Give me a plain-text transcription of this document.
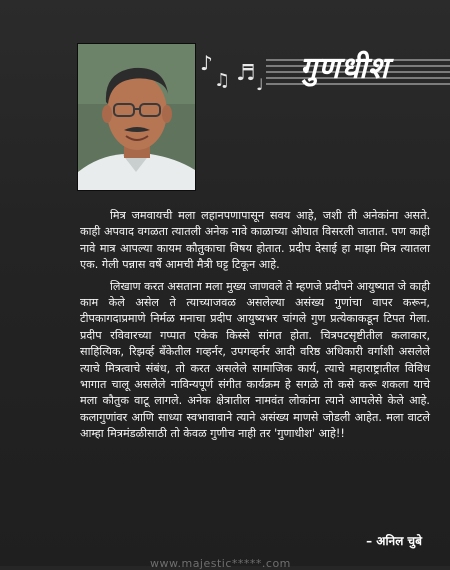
♪
♫ ♬ ♩ गुणधीश

मित्र जमवायची मला लहानपणापासून सवय आहे, जशी ती अनेकांना असते. काही अपवाद वगळता त्यातली अनेक नावे काळाच्या ओघात विसरली जातात. पण काही नावे मात्र आपल्या कायम कौतुकाचा विषय होतात. प्रदीप देसाई हा माझा मित्र त्यातला एक. गेली पन्नास वर्षे आमची मैत्री घट्ट टिकून आहे.

लिखाण करत असताना मला मुख्य जाणवले ते म्हणजे प्रदीपने आयुष्यात जे काही काम केले असेल ते त्याच्याजवळ असलेल्या असंख्य गुणांचा वापर करून, टीपकागदाप्रमाणे निर्मळ मनाचा प्रदीप आयुष्यभर चांगले गुण प्रत्येकाकडून टिपत गेला. प्रदीप रविवारच्या गप्पात एकेक किस्से सांगत होता. चित्रपटसृष्टीतील कलाकार, साहित्यिक, रिझर्व्ह बँकेतील गव्हर्नर, उपगव्हर्नर आदी वरिष्ठ अधिकारी वर्गाशी असलेले त्याचे मित्रत्वाचे संबंध, तो करत असलेले सामाजिक कार्य, त्याचे महाराष्ट्रातील विविध भागात चालू असलेले नाविन्यपूर्ण संगीत कार्यक्रम हे सगळे तो कसे करू शकला याचे मला कौतुक वाटू लागले. अनेक क्षेत्रातील नामवंत लोकांना त्याने आपलेसे केले आहे. कलागुणांवर आणि साध्या स्वभावावाने त्याने असंख्य माणसे जोडली आहेत. मला वाटले आम्हा मित्रमंडळीसाठी तो केवळ गुणीच नाही तर 'गुणाधीश' आहे!!

– अनिल चुबे
www.majestic*****.com
